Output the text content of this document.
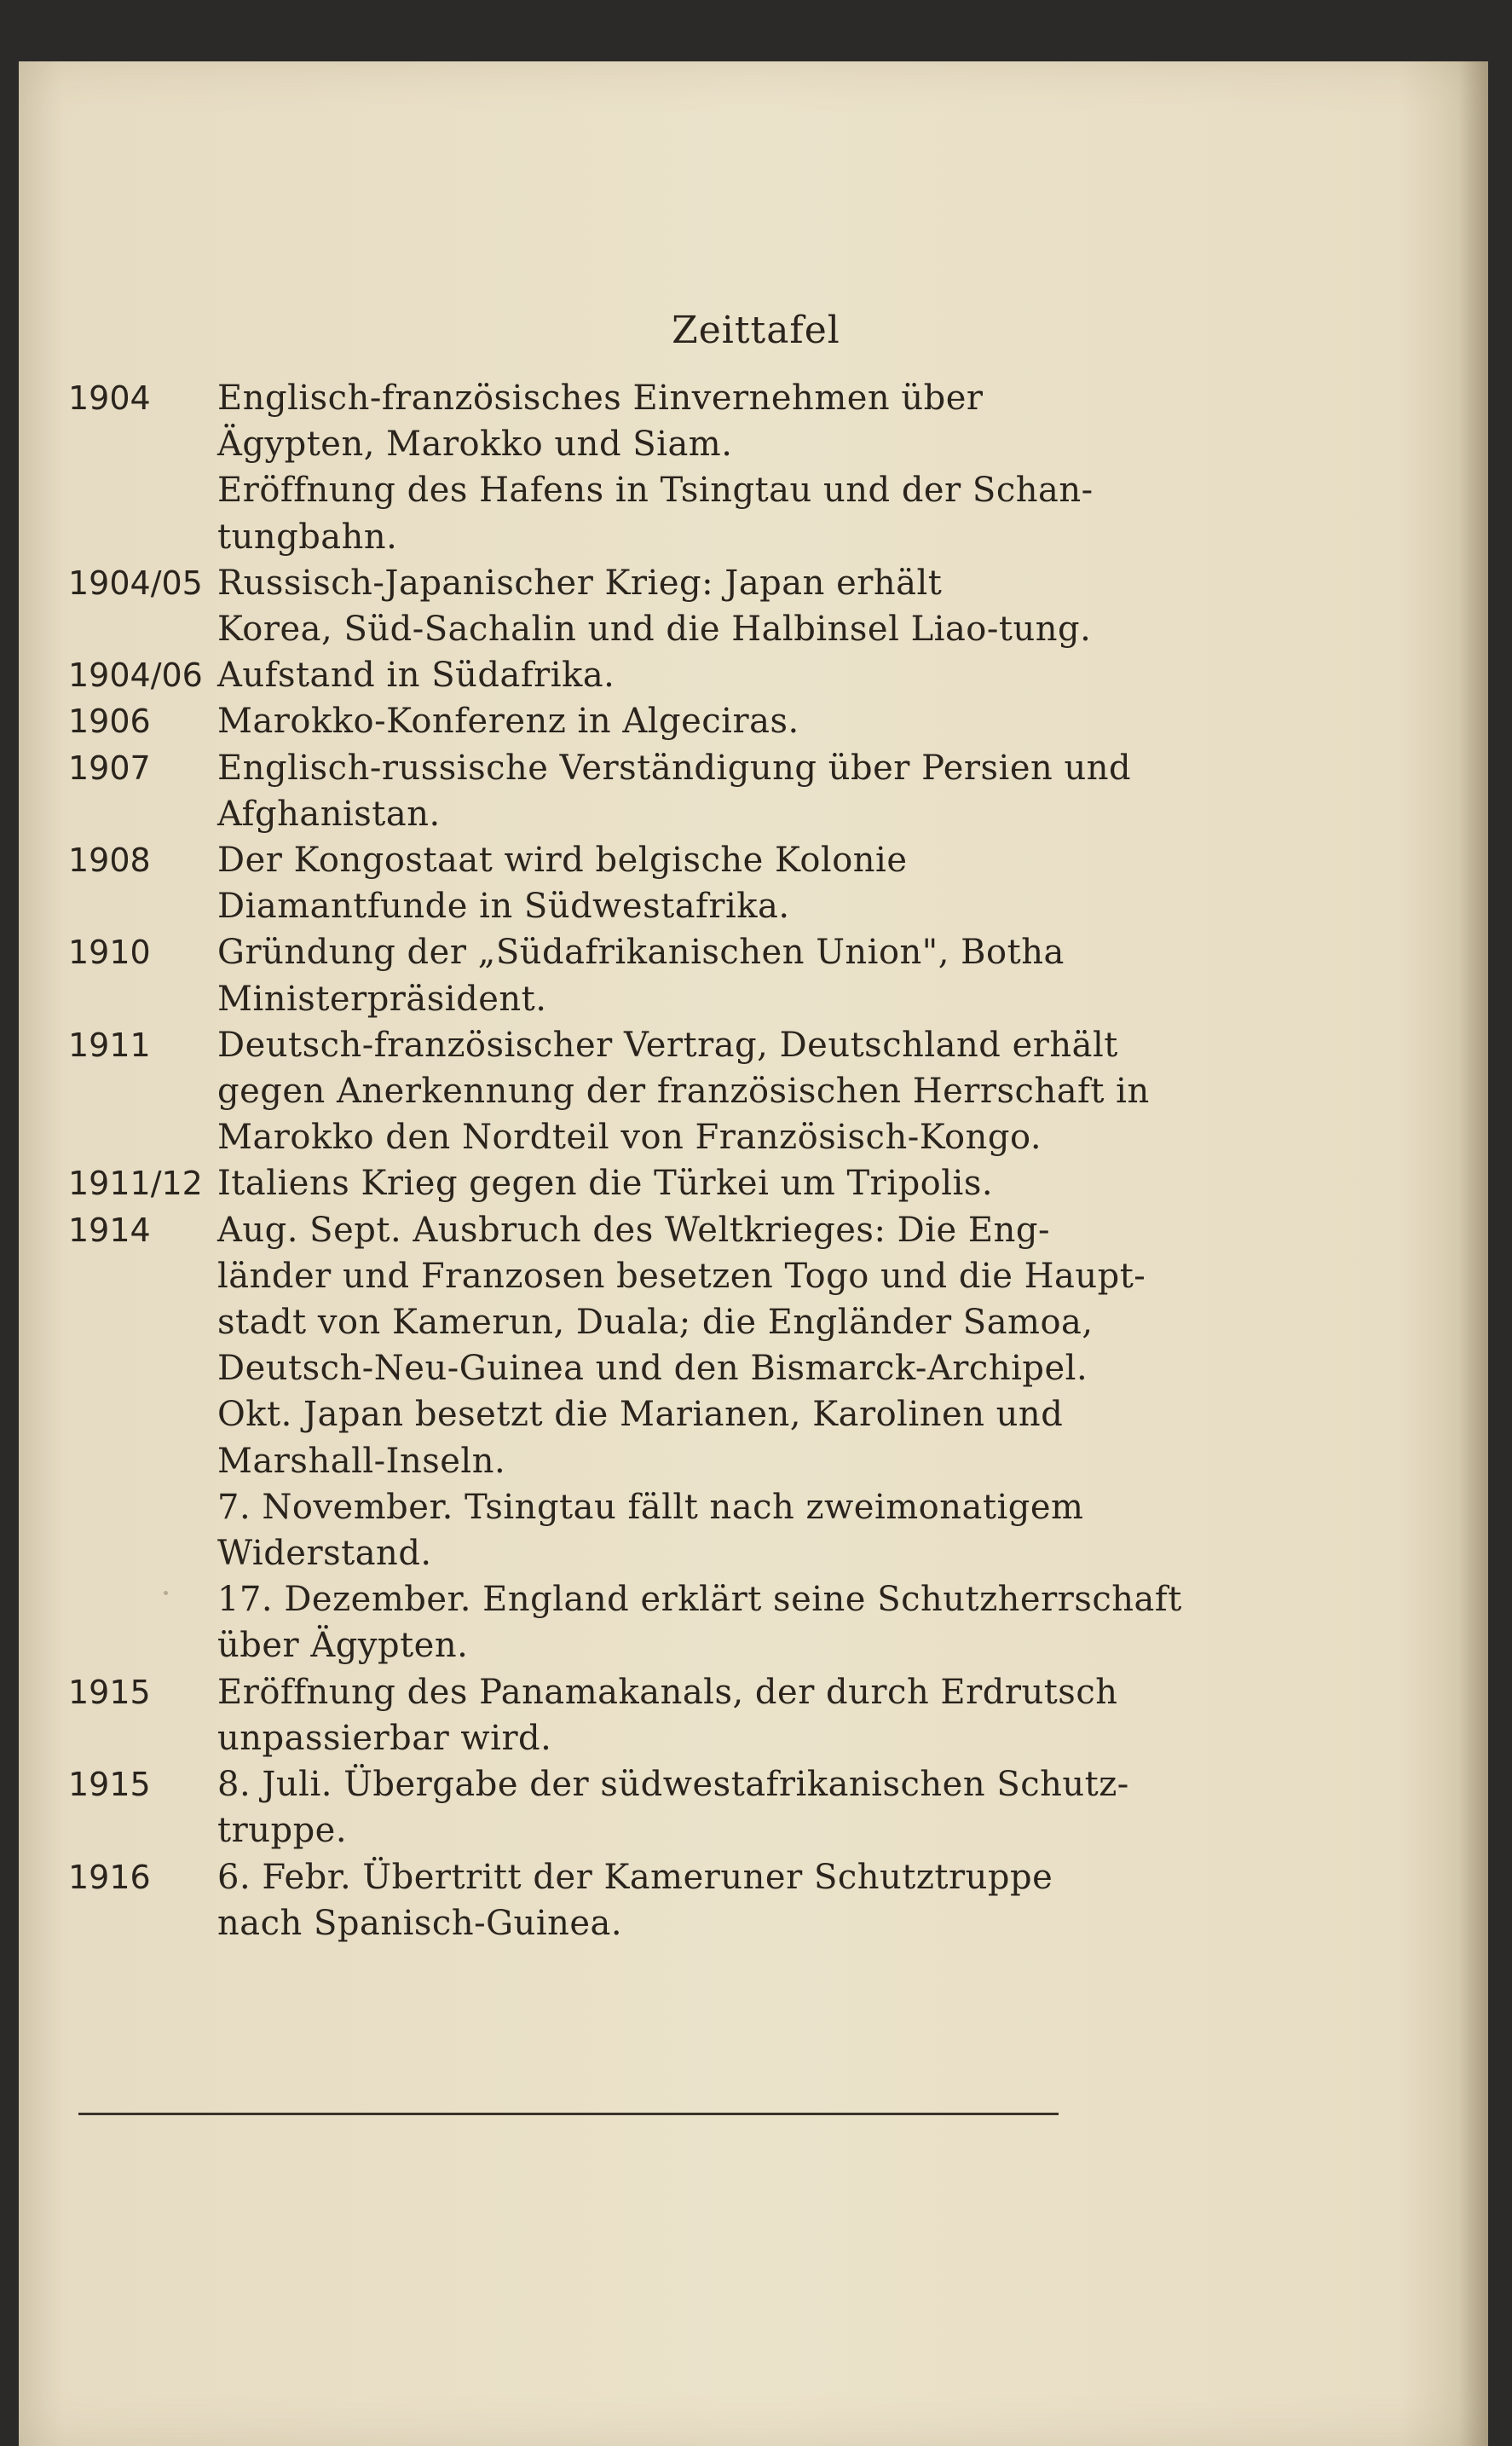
Zeittafel
1904	Englisch-französisches Einvernehmen über
Ägypten, Marokko und Siam.
Eröffnung des Hafens in Tsingtau und der Schan-
tungbahn.
1904/05 Russisch-Japanischer Krieg: Japan erhält
Korea, Süd-Sachalin und die Halbinsel Liao-tung.
1904/06 Aufstand in Südafrika.
1906	Marokko-Konferenz in Algeciras.
1907	Englisch-russische Verständigung über Persien und
Afghanistan.
1908	Der Kongostaat wird belgische Kolonie
Diamantfunde in Südwestafrika.
1910	Gründung der „Südafrikanischen Union", Botha
Ministerpräsident.
1911	Deutsch-französischer Vertrag, Deutschland erhält
gegen Anerkennung der französischen Herrschaft in
Marokko den Nordteil von Französisch-Kongo.
1911/12 Italiens Krieg gegen die Türkei um Tripolis.
1914	Aug. Sept. Ausbruch des Weltkrieges: Die Eng-
länder und Franzosen besetzen Togo und die Haupt-
stadt von Kamerun, Duala; die Engländer Samoa,
Deutsch-Neu-Guinea und den Bismarck-Archipel.
Okt. Japan besetzt die Marianen, Karolinen und
Marshall-Inseln.
7. November. Tsingtau fällt nach zweimonatigem
Widerstand.
17. Dezember. England erklärt seine Schutzherrschaft
über Ägypten.
1915	Eröffnung des Panamakanals, der durch Erdrutsch
unpassierbar wird.
1915	8. Juli. Übergabe der südwestafrikanischen Schutz-
truppe.
1916	6. Febr. Übertritt der Kameruner Schutztruppe
nach Spanisch-Guinea.
